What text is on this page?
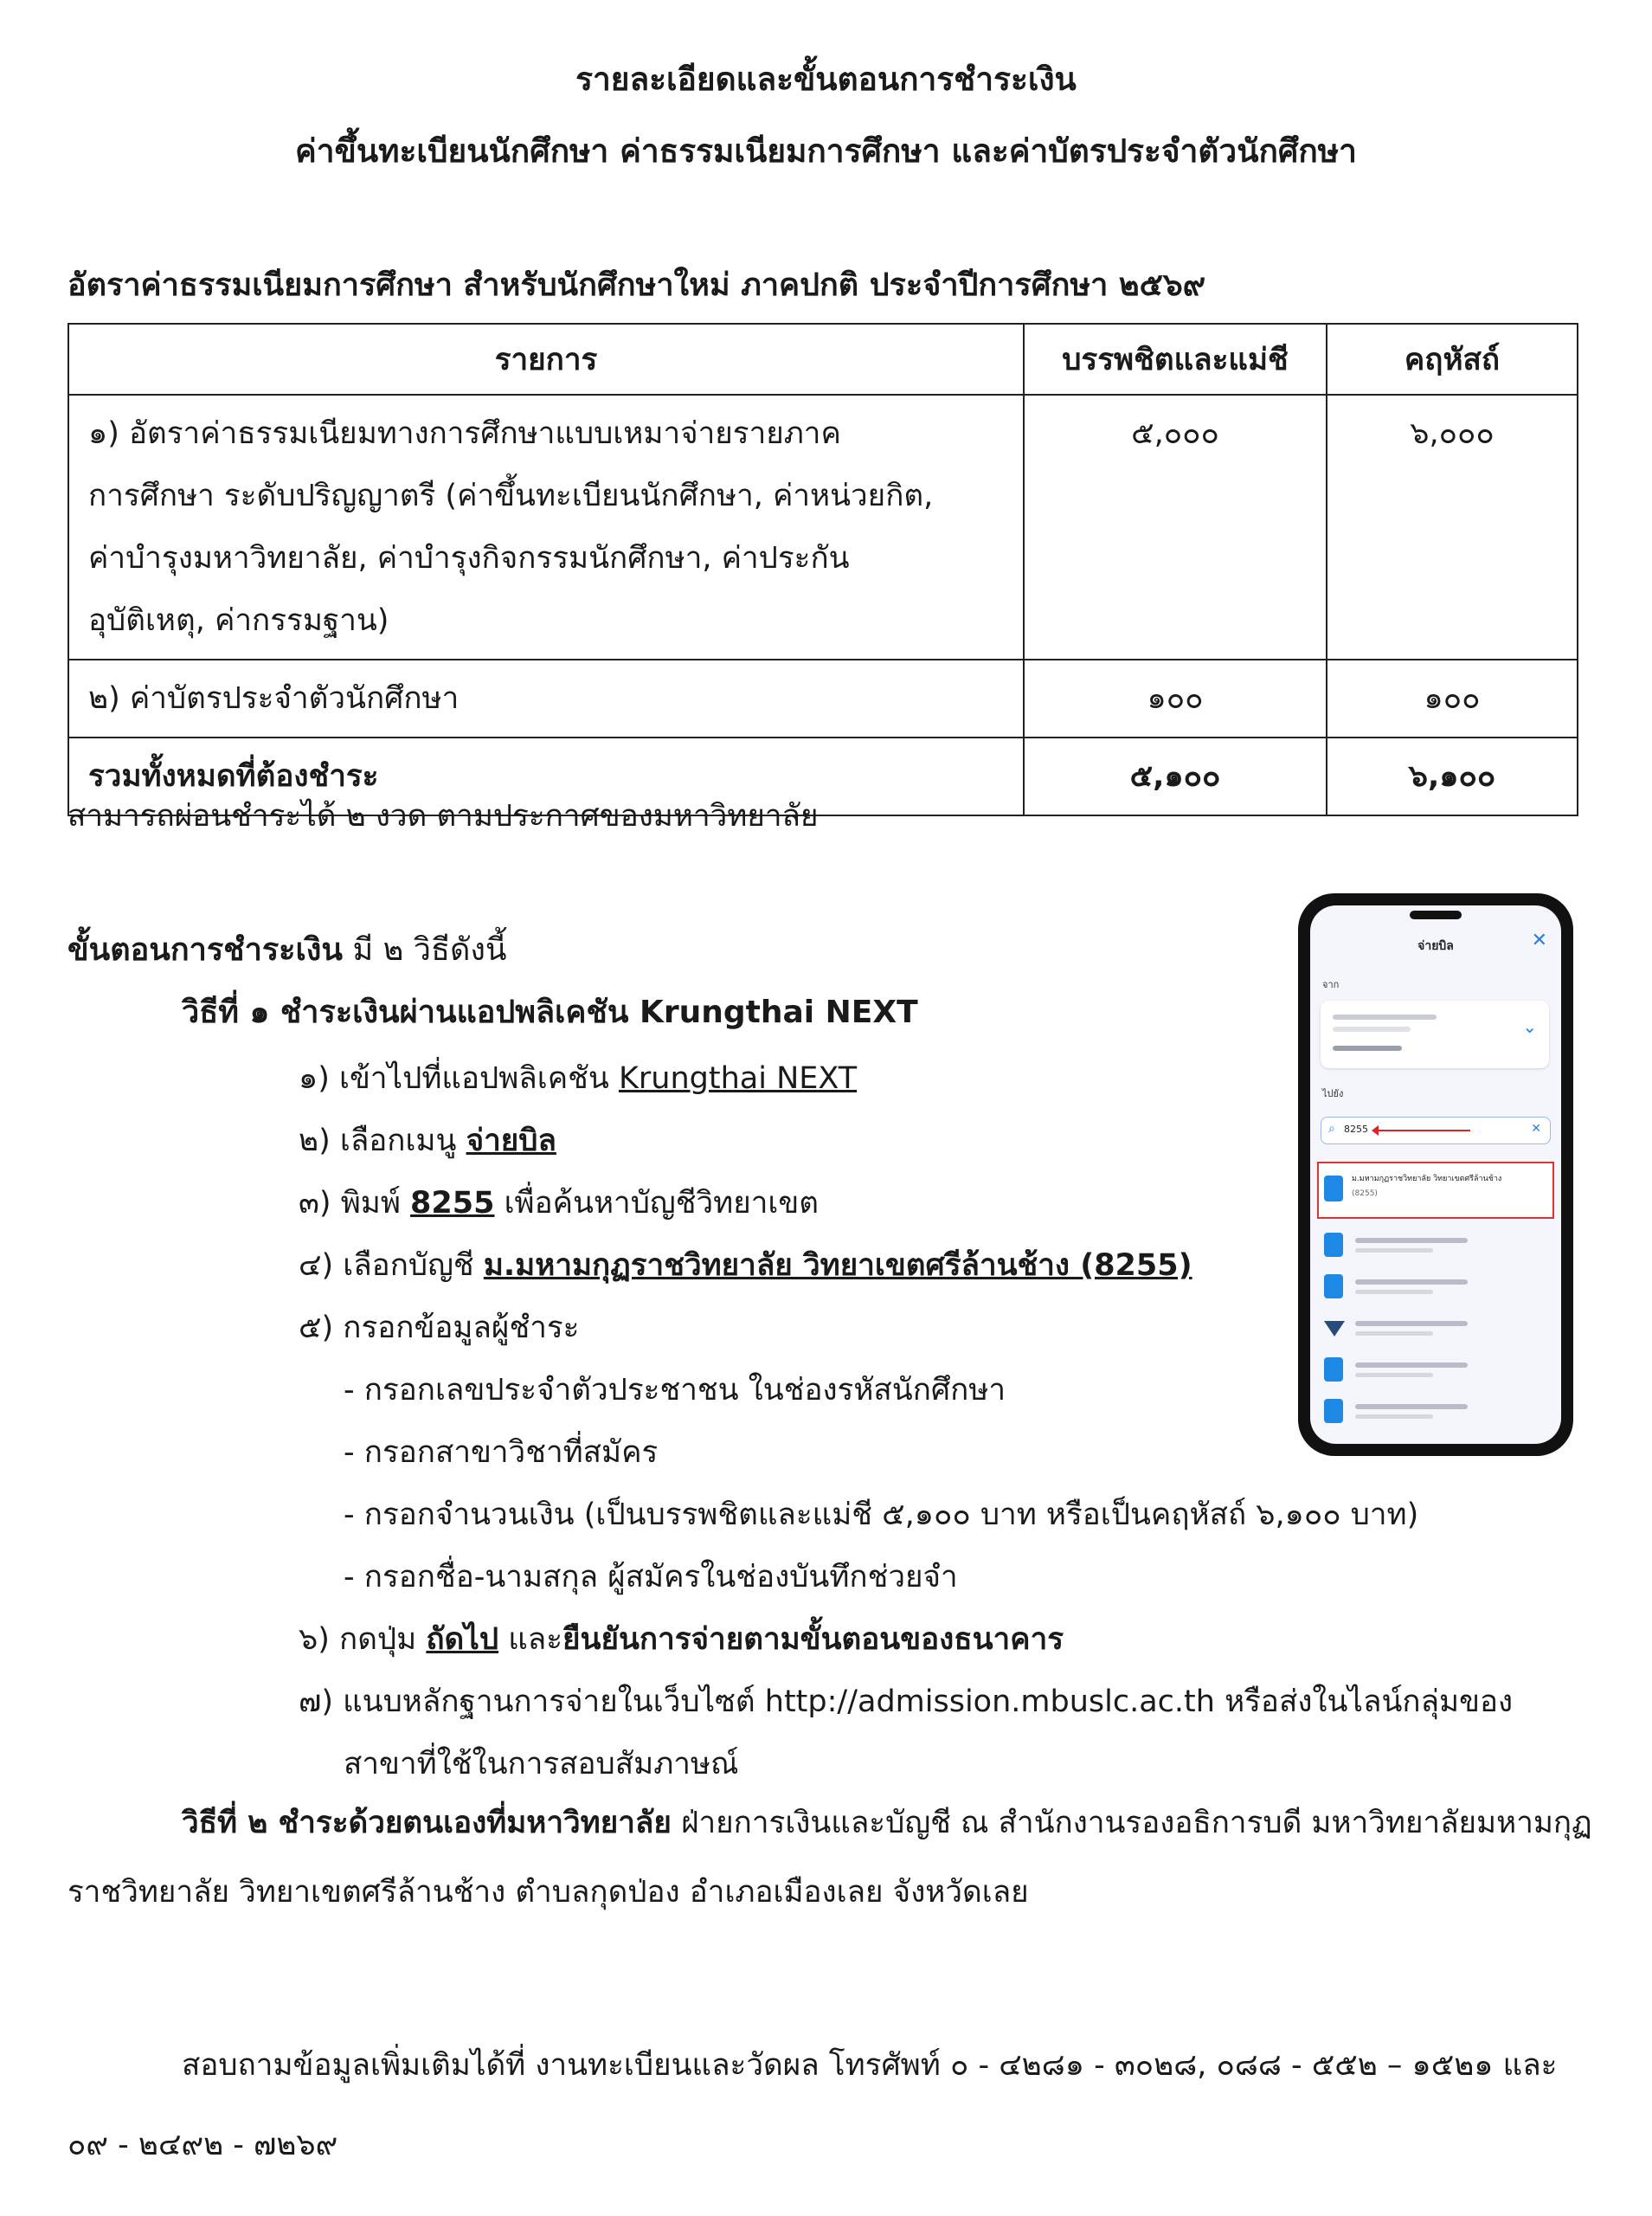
รายละเอียดและขั้นตอนการชำระเงิน
ค่าขึ้นทะเบียนนักศึกษา ค่าธรรมเนียมการศึกษา และค่าบัตรประจำตัวนักศึกษา
อัตราค่าธรรมเนียมการศึกษา สำหรับนักศึกษาใหม่ ภาคปกติ ประจำปีการศึกษา ๒๕๖๙
รายการ	บรรพชิตและแม่ชี	คฤหัสถ์

๑) อัตราค่าธรรมเนียมทางการศึกษาแบบเหมาจ่ายรายภาค
การศึกษา ระดับปริญญาตรี (ค่าขึ้นทะเบียนนักศึกษา, ค่าหน่วยกิต,
ค่าบำรุงมหาวิทยาลัย, ค่าบำรุงกิจกรรมนักศึกษา, ค่าประกัน
อุบัติเหตุ, ค่ากรรมฐาน)	๕,๐๐๐	๖,๐๐๐

๒) ค่าบัตรประจำตัวนักศึกษา	๑๐๐	๑๐๐
รวมทั้งหมดที่ต้องชำระ	๕,๑๐๐	๖,๑๐๐
สามารถผ่อนชำระได้ ๒ งวด ตามประกาศของมหาวิทยาลัย
ขั้นตอนการชำระเงิน มี ๒ วิธีดังนี้
วิธีที่ ๑ ชำระเงินผ่านแอปพลิเคชัน Krungthai NEXT
๑) เข้าไปที่แอปพลิเคชัน Krungthai NEXT
๒) เลือกเมนู จ่ายบิล
๓) พิมพ์ 8255 เพื่อค้นหาบัญชีวิทยาเขต
๔) เลือกบัญชี ม.มหามกุฏราชวิทยาลัย วิทยาเขตศรีล้านช้าง (8255)
๕) กรอกข้อมูลผู้ชำระ
- กรอกเลขประจำตัวประชาชน ในช่องรหัสนักศึกษา
- กรอกสาขาวิชาที่สมัคร
- กรอกจำนวนเงิน (เป็นบรรพชิตและแม่ชี ๕,๑๐๐ บาท หรือเป็นคฤหัสถ์ ๖,๑๐๐ บาท)
- กรอกชื่อ-นามสกุล ผู้สมัครในช่องบันทึกช่วยจำ
๖) กดปุ่ม ถัดไป และยืนยันการจ่ายตามขั้นตอนของธนาคาร
๗) แนบหลักฐานการจ่ายในเว็บไซต์ http://admission.mbuslc.ac.th หรือส่งในไลน์กลุ่มของ
สาขาที่ใช้ในการสอบสัมภาษณ์
วิธีที่ ๒ ชำระด้วยตนเองที่มหาวิทยาลัย ฝ่ายการเงินและบัญชี ณ สำนักงานรองอธิการบดี มหาวิทยาลัยมหามกุฏราชวิทยาลัย วิทยาเขตศรีล้านช้าง ตำบลกุดป่อง อำเภอเมืองเลย จังหวัดเลย
สอบถามข้อมูลเพิ่มเติมได้ที่ งานทะเบียนและวัดผล โทรศัพท์ ๐ - ๔๒๘๑ - ๓๐๒๘, ๐๘๘ - ๕๕๒ – ๑๕๒๑ และ ๐๙ - ๒๔๙๒ - ๗๒๖๙
จ่ายบิล	✕
จาก
⌄
ไปยัง
⌕ 8255	✕
ม.มหามกุฏราชวิทยาลัย วิทยาเขตศรีล้านช้าง
(8255)
